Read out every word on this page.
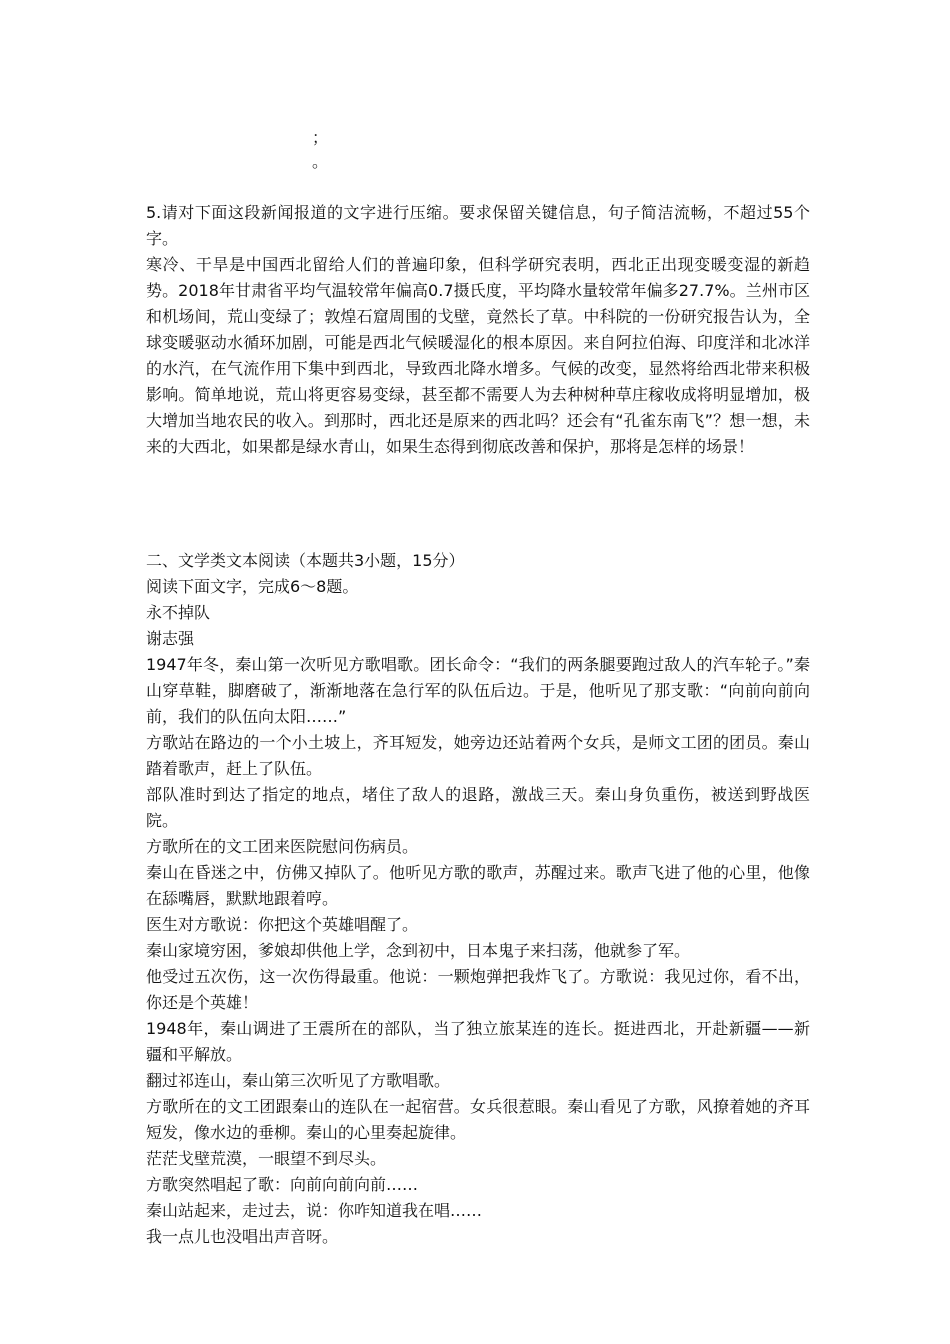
；
。

5.请对下面这段新闻报道的文字进行压缩。要求保留关键信息，句子简洁流畅，不超过55个字。

寒冷、干旱是中国西北留给人们的普遍印象，但科学研究表明，西北正出现变暖变湿的新趋势。2018年甘肃省平均气温较常年偏高0.7摄氏度，平均降水量较常年偏多27.7%。兰州市区和机场间，荒山变绿了；敦煌石窟周围的戈壁，竟然长了草。中科院的一份研究报告认为，全球变暖驱动水循环加剧，可能是西北气候暖湿化的根本原因。来自阿拉伯海、印度洋和北冰洋的水汽，在气流作用下集中到西北，导致西北降水增多。气候的改变，显然将给西北带来积极影响。简单地说，荒山将更容易变绿，甚至都不需要人为去种树种草庄稼收成将明显增加，极大增加当地农民的收入。到那时，西北还是原来的西北吗？还会有“孔雀东南飞”？想一想，未来的大西北，如果都是绿水青山，如果生态得到彻底改善和保护，那将是怎样的场景！

二、文学类文本阅读（本题共3小题，15分）

阅读下面文字，完成6～8题。

永不掉队

谢志强

1947年冬，秦山第一次听见方歌唱歌。团长命令：“我们的两条腿要跑过敌人的汽车轮子。”秦山穿草鞋，脚磨破了，渐渐地落在急行军的队伍后边。于是，他听见了那支歌：“向前向前向前，我们的队伍向太阳……”

方歌站在路边的一个小土坡上，齐耳短发，她旁边还站着两个女兵，是师文工团的团员。秦山踏着歌声，赶上了队伍。

部队准时到达了指定的地点，堵住了敌人的退路，激战三天。秦山身负重伤，被送到野战医院。

方歌所在的文工团来医院慰问伤病员。

秦山在昏迷之中，仿佛又掉队了。他听见方歌的歌声，苏醒过来。歌声飞进了他的心里，他像在舔嘴唇，默默地跟着哼。

医生对方歌说：你把这个英雄唱醒了。

秦山家境穷困，爹娘却供他上学，念到初中，日本鬼子来扫荡，他就参了军。

他受过五次伤，这一次伤得最重。他说：一颗炮弹把我炸飞了。方歌说：我见过你，看不出，你还是个英雄！

1948年，秦山调进了王震所在的部队，当了独立旅某连的连长。挺进西北，开赴新疆——新疆和平解放。

翻过祁连山，秦山第三次听见了方歌唱歌。

方歌所在的文工团跟秦山的连队在一起宿营。女兵很惹眼。秦山看见了方歌，风撩着她的齐耳短发，像水边的垂柳。秦山的心里奏起旋律。

茫茫戈壁荒漠，一眼望不到尽头。

方歌突然唱起了歌：向前向前向前……

秦山站起来，走过去，说：你咋知道我在唱……

我一点儿也没唱出声音呀。
